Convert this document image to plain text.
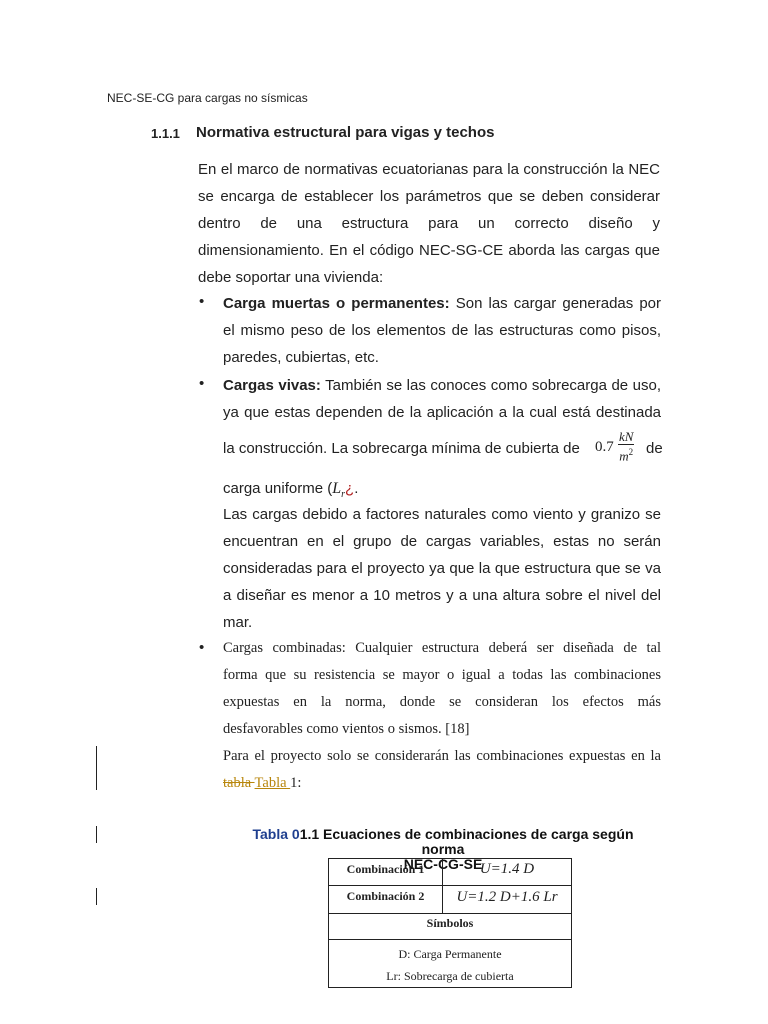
NEC-SE-CG para cargas no sísmicas
1.1.1 Normativa estructural para vigas y techos
En el marco de normativas ecuatorianas para la construcción la NEC
se encarga de establecer los parámetros que se deben considerar
dentro de una estructura para un correcto diseño y
dimensionamiento. En el código NEC-SG-CE aborda las cargas que
debe soportar una vivienda:
• Carga muertas o permanentes: Son las cargar generadas por
el mismo peso de los elementos de las estructuras como pisos,
paredes, cubiertas, etc.
• Cargas vivas: También se las conoces como sobrecarga de uso,
ya que estas dependen de la aplicación a la cual está destinada
la construcción. La sobrecarga mínima de cubierta de $0.7 \frac{kN}{m^2}$ de
carga uniforme ($L_r¿$.
Las cargas debido a factores naturales como viento y granizo se
encuentran en el grupo de cargas variables, estas no serán
consideradas para el proyecto ya que la que estructura que se va
a diseñar es menor a 10 metros y a una altura sobre el nivel del
mar.
• Cargas combinadas: Cualquier estructura deberá ser diseñada de tal
forma que su resistencia se mayor o igual a todas las combinaciones
expuestas en la norma, donde se consideran los efectos más
desfavorables como vientos o sismos. [18]
Para el proyecto solo se considerarán las combinaciones expuestas en la
tabla Tabla 1:
Tabla 01.1 Ecuaciones de combinaciones de carga según norma
NEC-CG-SE
Combinación 1	U=1.4 D
Combinación 2	U=1.2 D+1.6 Lr
Símbolos	

D: Carga Permanente
Lr: Sobrecarga de cubierta	
